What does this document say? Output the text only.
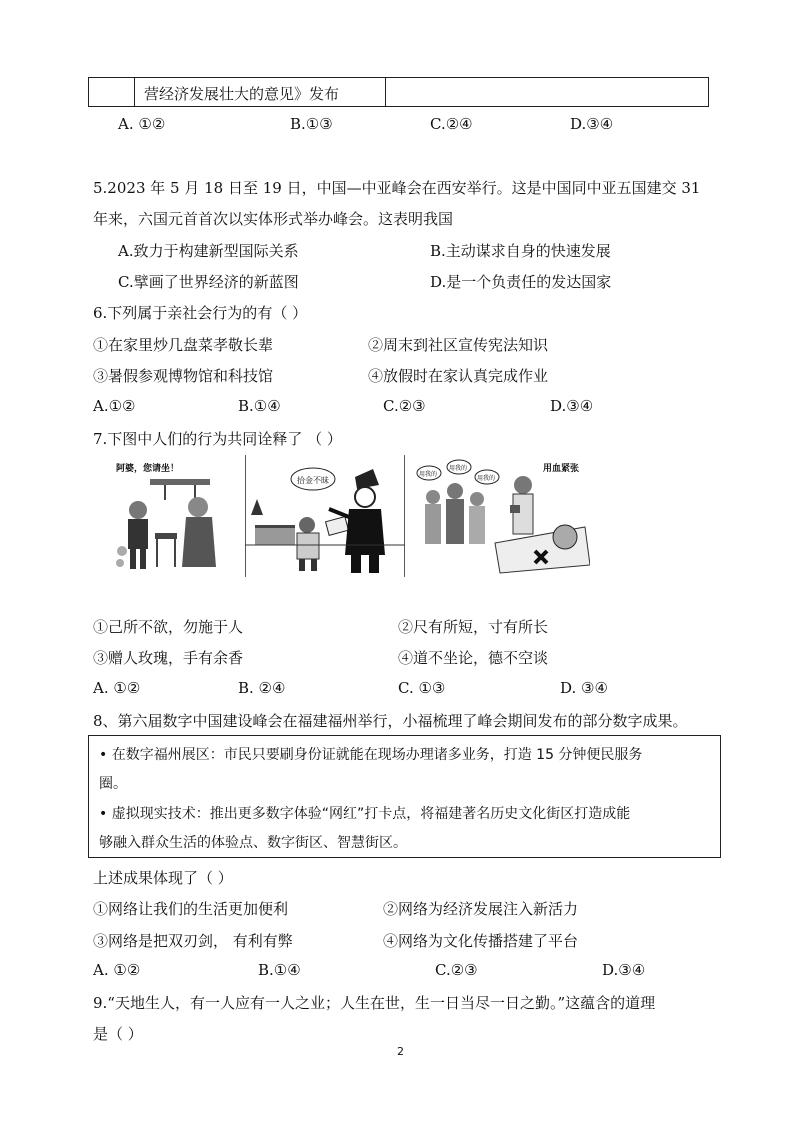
营经济发展壮大的意见》发布
A. ①②	B.①③	C.②④	D.③④
5.2023 年 5 月 18 日至 19 日，中国—中亚峰会在西安举行。这是中国同中亚五国建交 31
年来，六国元首首次以实体形式举办峰会。这表明我国
A.致力于构建新型国际关系	B.主动谋求自身的快速发展
C.擘画了世界经济的新蓝图	D.是一个负责任的发达国家
6.下列属于亲社会行为的有（ ）
①在家里炒几盘菜孝敬长辈	②周末到社区宣传宪法知识
③暑假参观博物馆和科技馆	④放假时在家认真完成作业
A.①②	B.①④	C.②③	D.③④
7.下图中人们的行为共同诠释了 （ ）
阿婆，您请坐！
拾金不昧
用血紧张
用我的
用我的
用我的
①己所不欲，勿施于人	②尺有所短，寸有所长
③赠人玫瑰，手有余香	④道不坐论，德不空谈
A. ①②	B. ②④	C. ①③	D. ③④
8、第六届数字中国建设峰会在福建福州举行，小福梳理了峰会期间发布的部分数字成果。
• 在数字福州展区：市民只要刷身份证就能在现场办理诸多业务，打造 15 分钟便民服务
圈。
• 虚拟现实技术：推出更多数字体验“网红”打卡点，将福建著名历史文化街区打造成能
够融入群众生活的体验点、数字街区、智慧街区。
上述成果体现了（ ）
①网络让我们的生活更加便利	②网络为经济发展注入新活力
③网络是把双刃剑， 有利有弊	④网络为文化传播搭建了平台
A. ①②	B.①④	C.②③	D.③④
9.“天地生人，有一人应有一人之业；人生在世，生一日当尽一日之勤。”这蕴含的道理
是（ ）
2
